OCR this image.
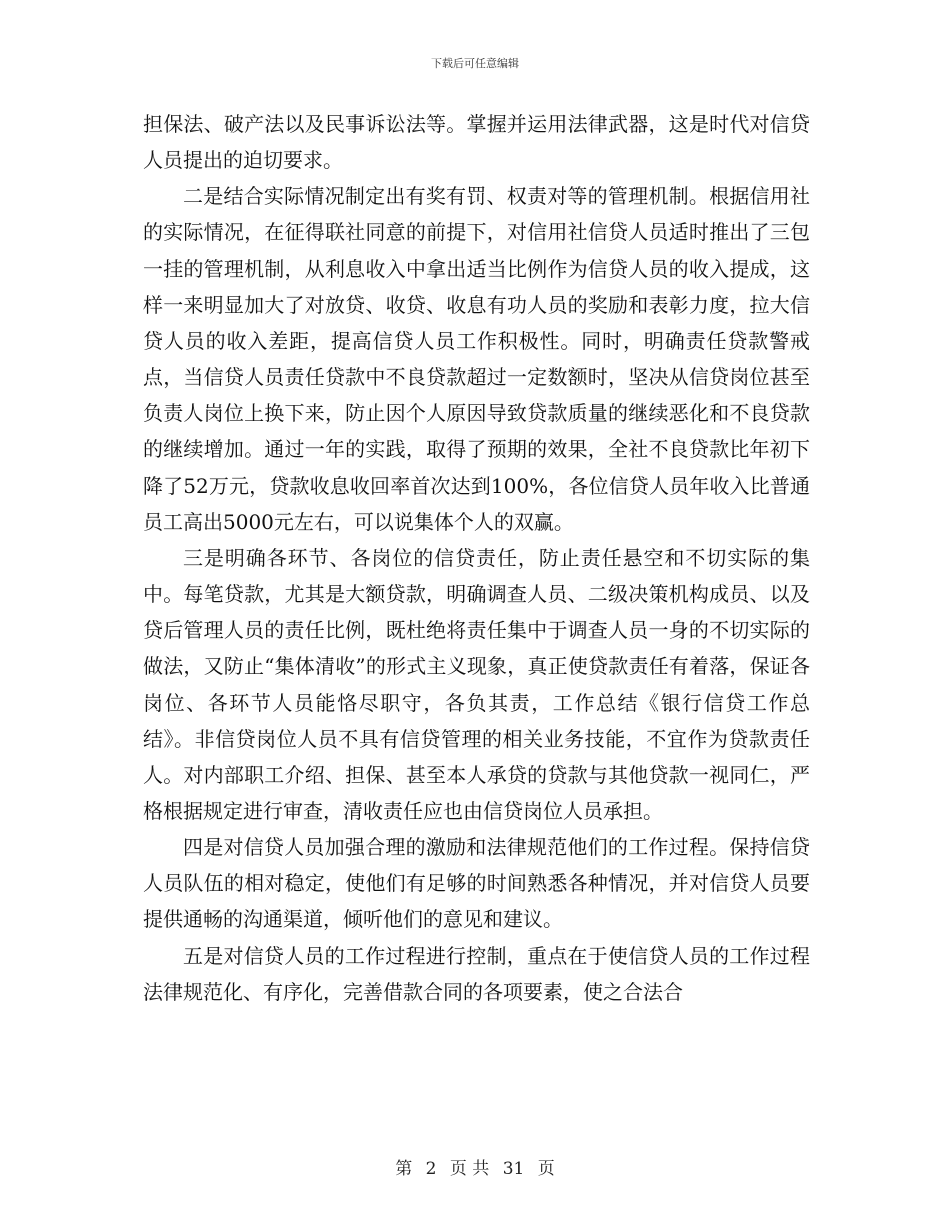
下载后可任意编辑

担保法、破产法以及民事诉讼法等。掌握并运用法律武器，这是时代对信贷人员提出的迫切要求。

二是结合实际情况制定出有奖有罚、权责对等的管理机制。根据信用社的实际情况，在征得联社同意的前提下，对信用社信贷人员适时推出了三包一挂的管理机制，从利息收入中拿出适当比例作为信贷人员的收入提成，这样一来明显加大了对放贷、收贷、收息有功人员的奖励和表彰力度，拉大信贷人员的收入差距，提高信贷人员工作积极性。同时，明确责任贷款警戒点，当信贷人员责任贷款中不良贷款超过一定数额时，坚决从信贷岗位甚至负责人岗位上换下来，防止因个人原因导致贷款质量的继续恶化和不良贷款的继续增加。通过一年的实践，取得了预期的效果，全社不良贷款比年初下降了52万元，贷款收息收回率首次达到100%，各位信贷人员年收入比普通员工高出5000元左右，可以说集体个人的双赢。

三是明确各环节、各岗位的信贷责任，防止责任悬空和不切实际的集中。每笔贷款，尤其是大额贷款，明确调查人员、二级决策机构成员、以及贷后管理人员的责任比例，既杜绝将责任集中于调查人员一身的不切实际的做法，又防止“集体清收”的形式主义现象，真正使贷款责任有着落，保证各岗位、各环节人员能恪尽职守，各负其责，工作总结《银行信贷工作总结》。非信贷岗位人员不具有信贷管理的相关业务技能，不宜作为贷款责任人。对内部职工介绍、担保、甚至本人承贷的贷款与其他贷款一视同仁，严格根据规定进行审查，清收责任应也由信贷岗位人员承担。

四是对信贷人员加强合理的激励和法律规范他们的工作过程。保持信贷人员队伍的相对稳定，使他们有足够的时间熟悉各种情况，并对信贷人员要提供通畅的沟通渠道，倾听他们的意见和建议。

五是对信贷人员的工作过程进行控制，重点在于使信贷人员的工作过程法律规范化、有序化，完善借款合同的各项要素，使之合法合

第 2 页 共 31 页
